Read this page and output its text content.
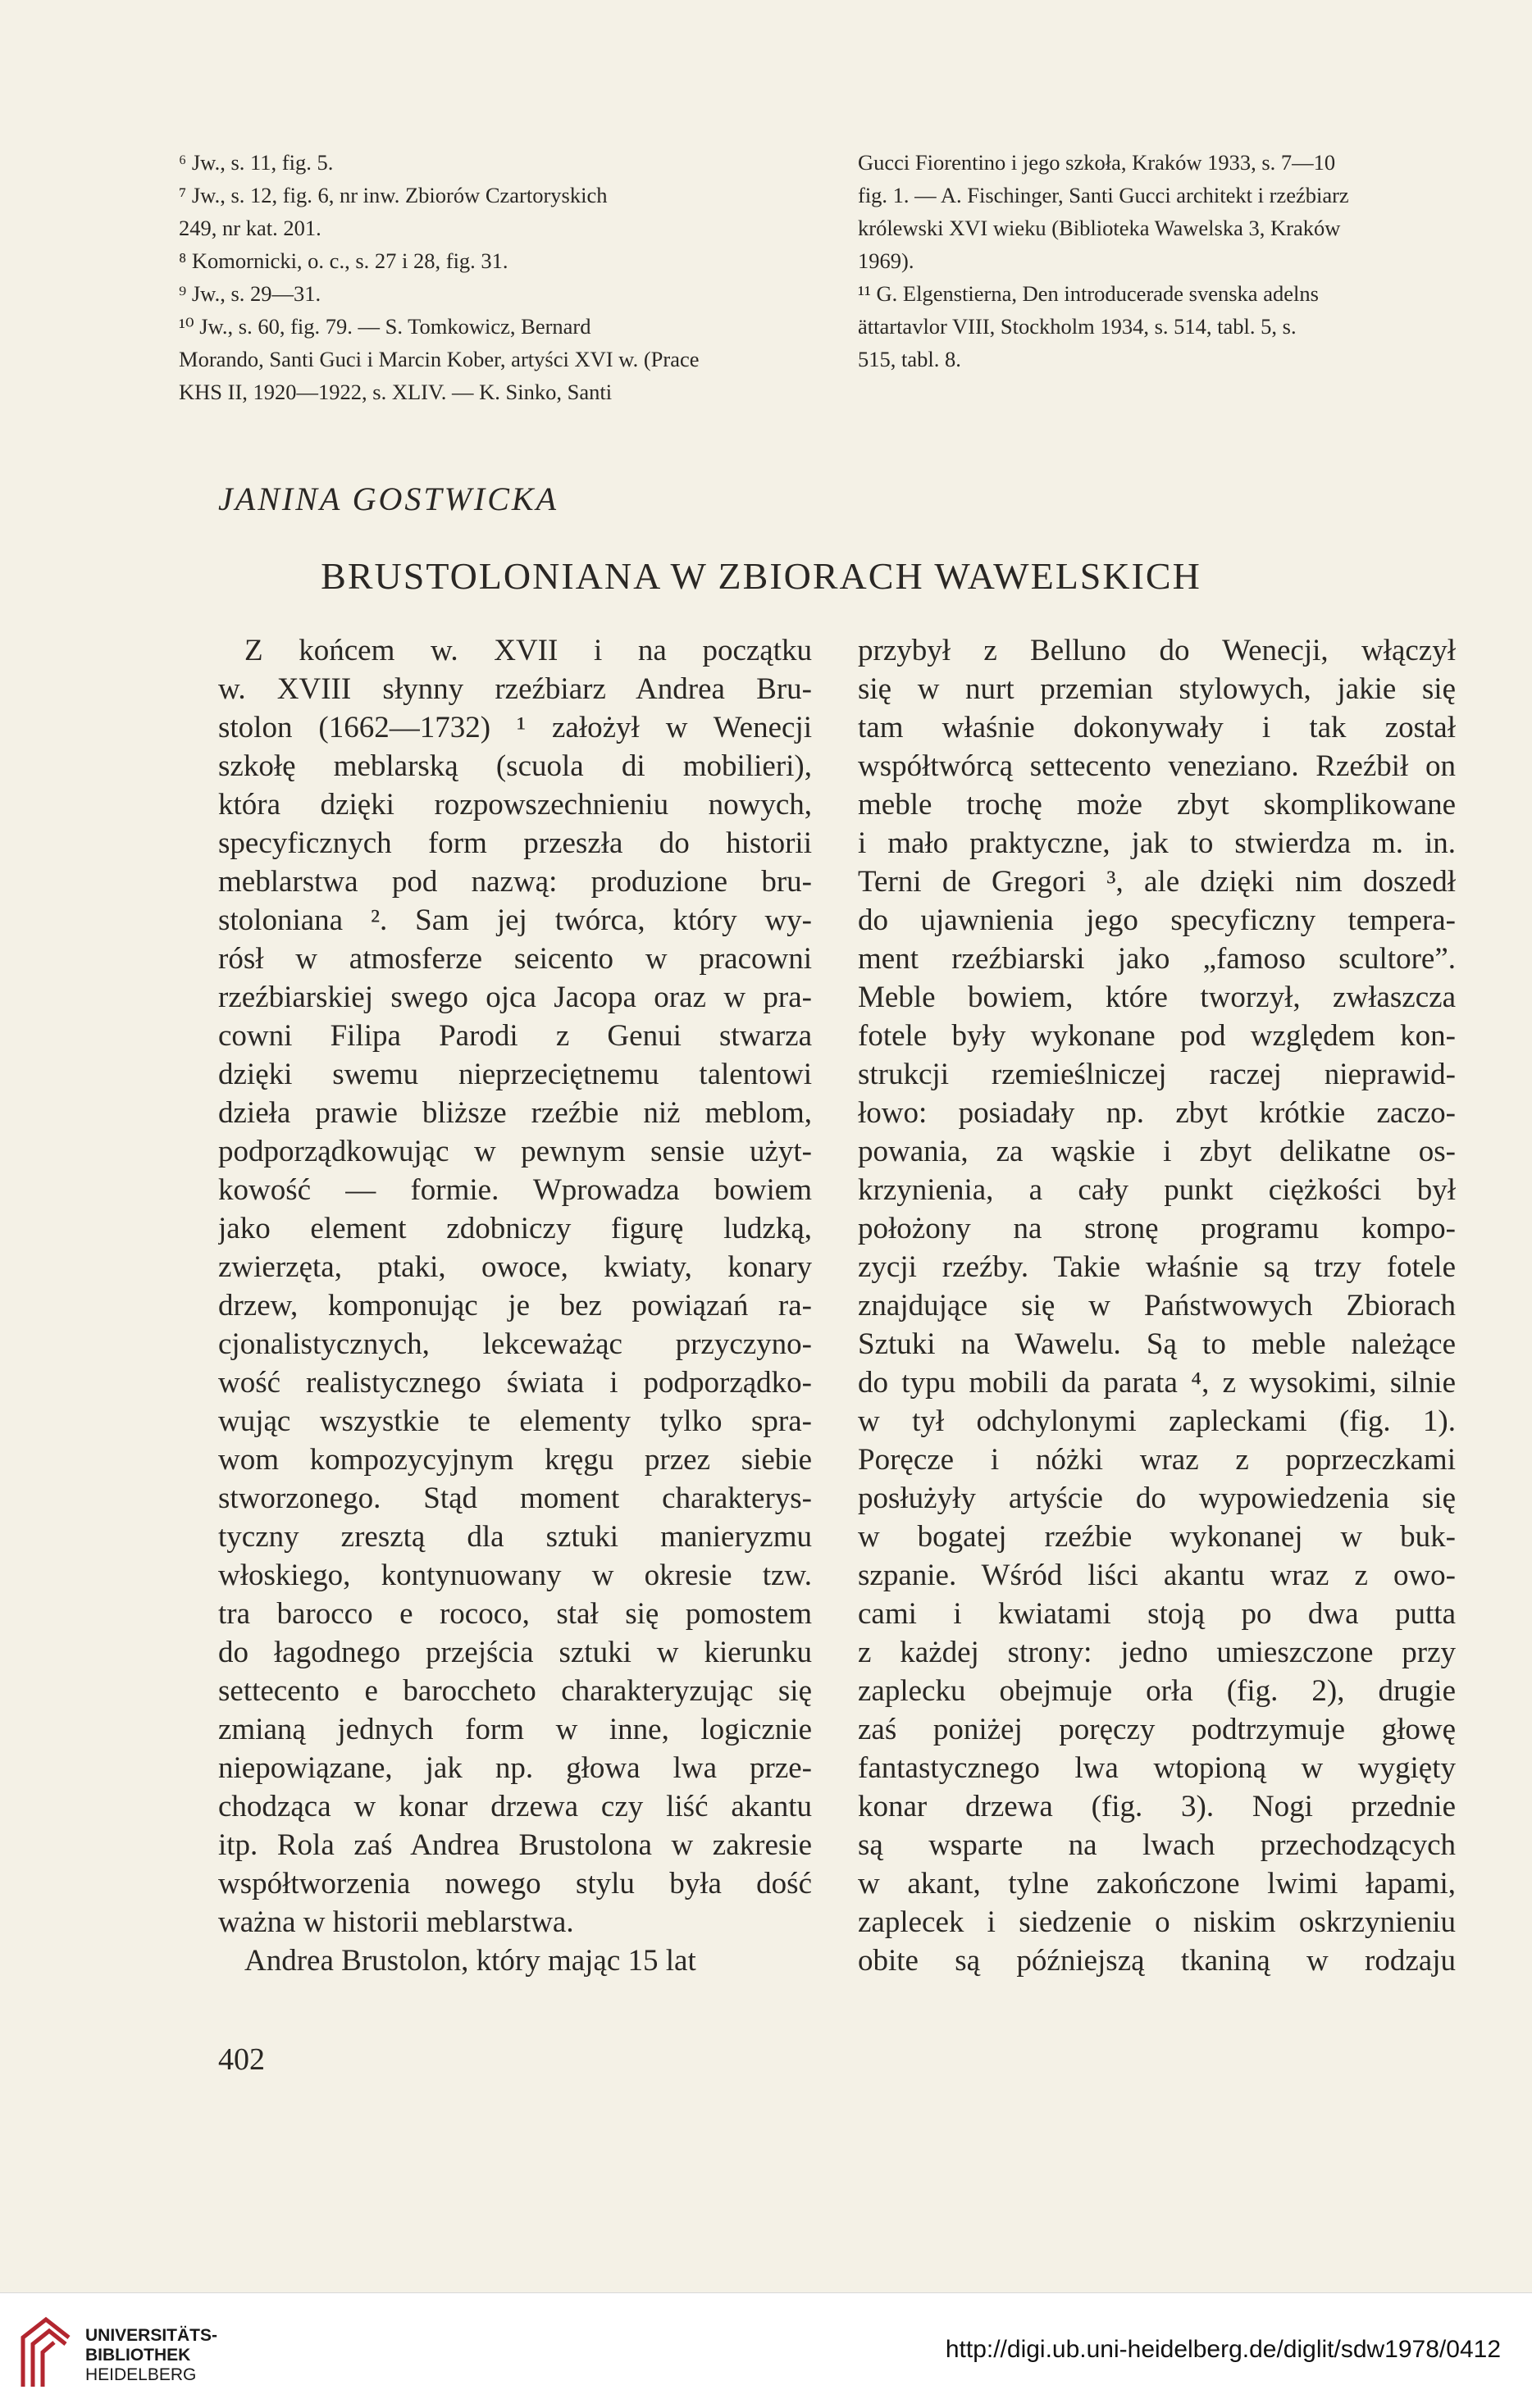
⁶ Jw., s. 11, fig. 5.
⁷ Jw., s. 12, fig. 6, nr inw. Zbiorów Czartoryskich
249, nr kat. 201.
⁸ Komornicki, o. c., s. 27 i 28, fig. 31.
⁹ Jw., s. 29—31.
¹⁰ Jw., s. 60, fig. 79. — S. Tomkowicz, Bernard
Morando, Santi Guci i Marcin Kober, artyści XVI w. (Prace
KHS II, 1920—1922, s. XLIV. — K. Sinko, Santi
Gucci Fiorentino i jego szkoła, Kraków 1933, s. 7—10
fig. 1. — A. Fischinger, Santi Gucci architekt i rzeźbiarz
królewski XVI wieku (Biblioteka Wawelska 3, Kraków
1969).
¹¹ G. Elgenstierna, Den introducerade svenska adelns
ättartavlor VIII, Stockholm 1934, s. 514, tabl. 5, s.
515, tabl. 8.
JANINA GOSTWICKA
BRUSTOLONIANA W ZBIORACH WAWELSKICH
Z końcem w. XVII i na początku
w. XVIII słynny rzeźbiarz Andrea Bru-
stolon (1662—1732) ¹ założył w Wenecji
szkołę meblarską (scuola di mobilieri),
która dzięki rozpowszechnieniu nowych,
specyficznych form przeszła do historii
meblarstwa pod nazwą: produzione bru-
stoloniana ². Sam jej twórca, który wy-
rósł w atmosferze seicento w pracowni
rzeźbiarskiej swego ojca Jacopa oraz w pra-
cowni Filipa Parodi z Genui stwarza
dzięki swemu nieprzeciętnemu talentowi
dzieła prawie bliższe rzeźbie niż meblom,
podporządkowując w pewnym sensie użyt-
kowość — formie. Wprowadza bowiem
jako element zdobniczy figurę ludzką,
zwierzęta, ptaki, owoce, kwiaty, konary
drzew, komponując je bez powiązań ra-
cjonalistycznych, lekceważąc przyczyno-
wość realistycznego świata i podporządko-
wując wszystkie te elementy tylko spra-
wom kompozycyjnym kręgu przez siebie
stworzonego. Stąd moment charakterys-
tyczny zresztą dla sztuki manieryzmu
włoskiego, kontynuowany w okresie tzw.
tra barocco e rococo, stał się pomostem
do łagodnego przejścia sztuki w kierunku
settecento e baroccheto charakteryzując się
zmianą jednych form w inne, logicznie
niepowiązane, jak np. głowa lwa prze-
chodząca w konar drzewa czy liść akantu
itp. Rola zaś Andrea Brustolona w zakresie
współtworzenia nowego stylu była dość
ważna w historii meblarstwa.
Andrea Brustolon, który mając 15 lat
przybył z Belluno do Wenecji, włączył
się w nurt przemian stylowych, jakie się
tam właśnie dokonywały i tak został
współtwórcą settecento veneziano. Rzeźbił on
meble trochę może zbyt skomplikowane
i mało praktyczne, jak to stwierdza m. in.
Terni de Gregori ³, ale dzięki nim doszedł
do ujawnienia jego specyficzny tempera-
ment rzeźbiarski jako „famoso scultore”.
Meble bowiem, które tworzył, zwłaszcza
fotele były wykonane pod względem kon-
strukcji rzemieślniczej raczej nieprawid-
łowo: posiadały np. zbyt krótkie zaczo-
powania, za wąskie i zbyt delikatne os-
krzynienia, a cały punkt ciężkości był
położony na stronę programu kompo-
zycji rzeźby. Takie właśnie są trzy fotele
znajdujące się w Państwowych Zbiorach
Sztuki na Wawelu. Są to meble należące
do typu mobili da parata ⁴, z wysokimi, silnie
w tył odchylonymi zapleckami (fig. 1).
Poręcze i nóżki wraz z poprzeczkami
posłużyły artyście do wypowiedzenia się
w bogatej rzeźbie wykonanej w buk-
szpanie. Wśród liści akantu wraz z owo-
cami i kwiatami stoją po dwa putta
z każdej strony: jedno umieszczone przy
zaplecku obejmuje orła (fig. 2), drugie
zaś poniżej poręczy podtrzymuje głowę
fantastycznego lwa wtopioną w wygięty
konar drzewa (fig. 3). Nogi przednie
są wsparte na lwach przechodzących
w akant, tylne zakończone lwimi łapami,
zaplecek i siedzenie o niskim oskrzynieniu
obite są późniejszą tkaniną w rodzaju
402
UNIVERSITÄTS-
BIBLIOTHEK
HEIDELBERG
http://digi.ub.uni-heidelberg.de/diglit/sdw1978/0412
